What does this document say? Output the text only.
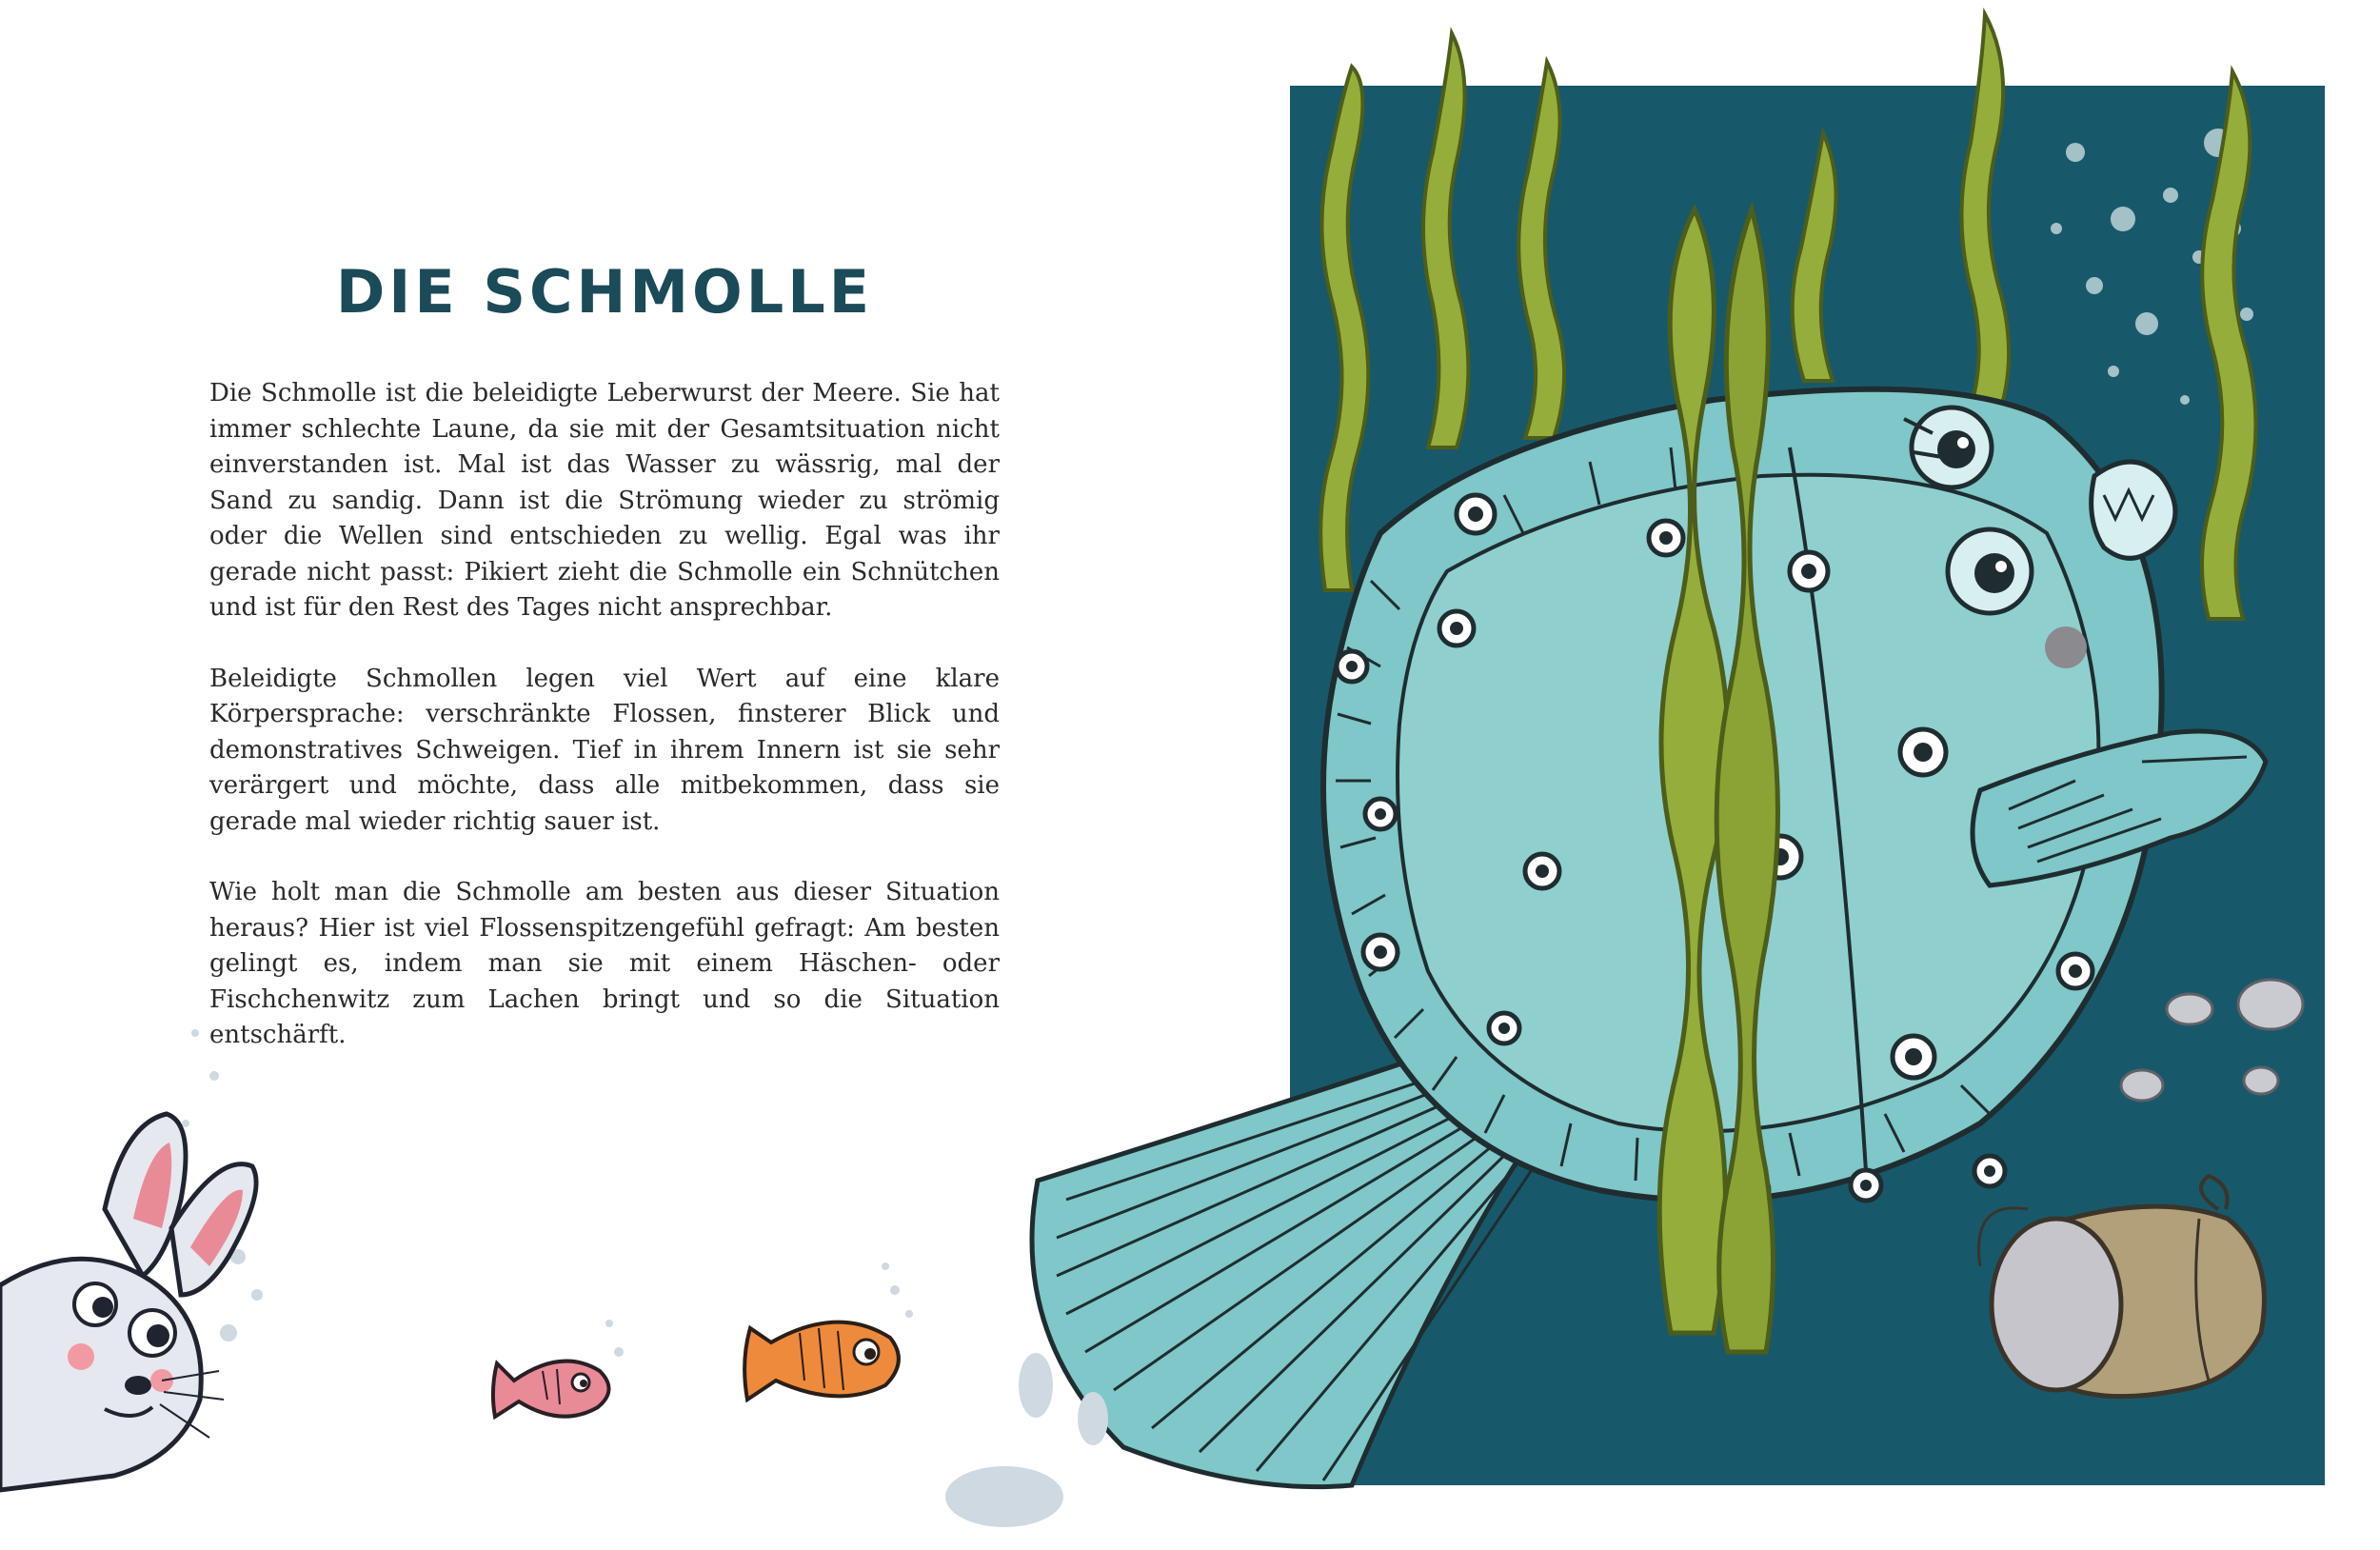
DIE SCHMOLLE

Die Schmolle ist die beleidigte Leberwurst der Meere. Sie hat immer schlechte Laune, da sie mit der Gesamtsituation nicht einverstanden ist. Mal ist das Wasser zu wässrig, mal der Sand zu sandig. Dann ist die Strömung wieder zu strömig oder die Wellen sind entschieden zu wellig. Egal was ihr gerade nicht passt: Pikiert zieht die Schmolle ein Schnütchen und ist für den Rest des Tages nicht ansprechbar.

Beleidigte Schmollen legen viel Wert auf eine klare Körpersprache: verschränkte Flossen, finsterer Blick und demonstratives Schweigen. Tief in ihrem Innern ist sie sehr verärgert und möchte, dass alle mitbekommen, dass sie gerade mal wieder richtig sauer ist.

Wie holt man die Schmolle am besten aus dieser Situation heraus? Hier ist viel Flossenspitzengefühl gefragt: Am besten gelingt es, indem man sie mit einem Häschen- oder Fischchenwitz zum Lachen bringt und so die Situation entschärft.
